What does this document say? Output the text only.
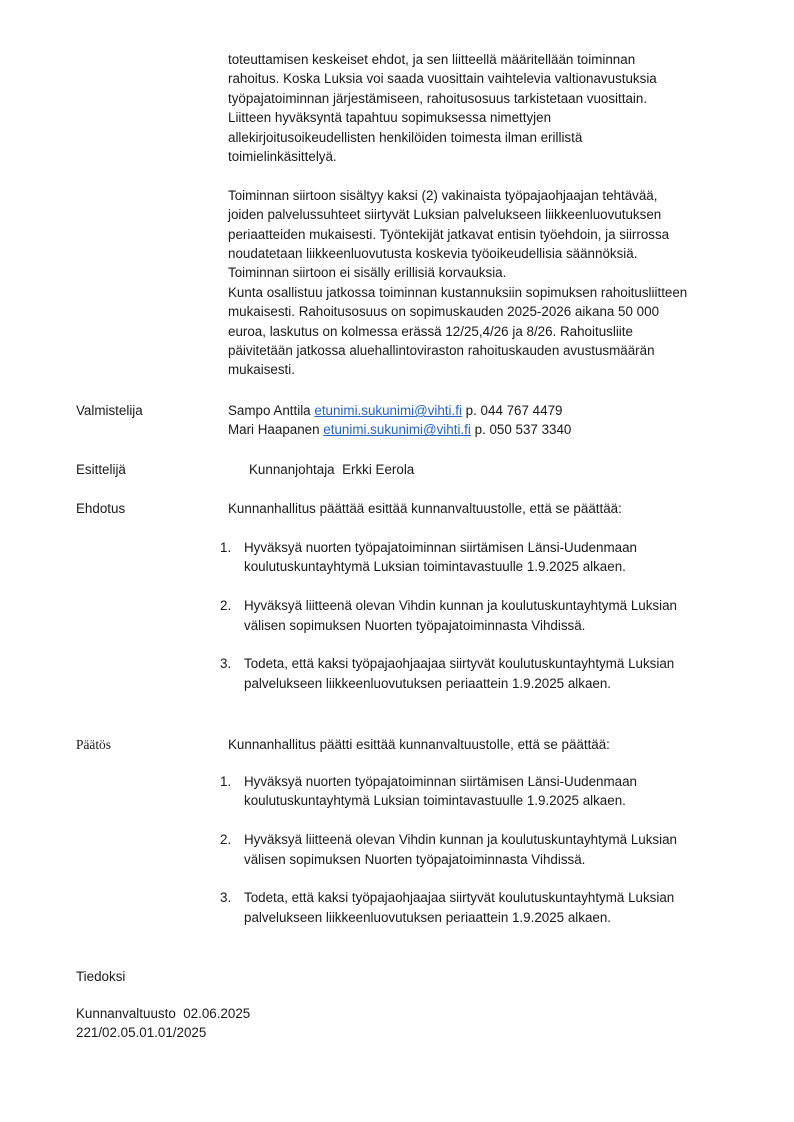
toteuttamisen keskeiset ehdot, ja sen liitteellä määritellään toiminnan
rahoitus. Koska Luksia voi saada vuosittain vaihtelevia valtionavustuksia
työpajatoiminnan järjestämiseen, rahoitusosuus tarkistetaan vuosittain.
Liitteen hyväksyntä tapahtuu sopimuksessa nimettyjen
allekirjoitusoikeudellisten henkilöiden toimesta ilman erillistä
toimielinkäsittelyä.

Toiminnan siirtoon sisältyy kaksi (2) vakinaista työpajaohjaajan tehtävää,
joiden palvelussuhteet siirtyvät Luksian palvelukseen liikkeenluovutuksen
periaatteiden mukaisesti. Työntekijät jatkavat entisin työehdoin, ja siirrossa
noudatetaan liikkeenluovutusta koskevia työoikeudellisia säännöksiä.
Toiminnan siirtoon ei sisälly erillisiä korvauksia.
Kunta osallistuu jatkossa toiminnan kustannuksiin sopimuksen rahoitusliitteen
mukaisesti. Rahoitusosuus on sopimuskauden 2025-2026 aikana 50 000
euroa, laskutus on kolmessa erässä 12/25,4/26 ja 8/26. Rahoitusliite
päivitetään jatkossa aluehallintoviraston rahoituskauden avustusmäärän
mukaisesti.

Valmistelija	Sampo Anttila etunimi.sukunimi@vihti.fi p. 044 767 4479
Mari Haapanen etunimi.sukunimi@vihti.fi p. 050 537 3340
Esittelijä	Kunnanjohtaja  Erkki Eerola
Ehdotus	Kunnanhallitus päättää esittää kunnanvaltuustolle, että se päättää:
1. Hyväksyä nuorten työpajatoiminnan siirtämisen Länsi-Uudenmaan
koulutuskuntayhtymä Luksian toimintavastuulle 1.9.2025 alkaen.
2. Hyväksyä liitteenä olevan Vihdin kunnan ja koulutuskuntayhtymä Luksian
välisen sopimuksen Nuorten työpajatoiminnasta Vihdissä.
3. Todeta, että kaksi työpajaohjaajaa siirtyvät koulutuskuntayhtymä Luksian
palvelukseen liikkeenluovutuksen periaattein 1.9.2025 alkaen.
Päätös	Kunnanhallitus päätti esittää kunnanvaltuustolle, että se päättää:
1. Hyväksyä nuorten työpajatoiminnan siirtämisen Länsi-Uudenmaan
koulutuskuntayhtymä Luksian toimintavastuulle 1.9.2025 alkaen.
2. Hyväksyä liitteenä olevan Vihdin kunnan ja koulutuskuntayhtymä Luksian
välisen sopimuksen Nuorten työpajatoiminnasta Vihdissä.
3. Todeta, että kaksi työpajaohjaajaa siirtyvät koulutuskuntayhtymä Luksian
palvelukseen liikkeenluovutuksen periaattein 1.9.2025 alkaen.
Tiedoksi
Kunnanvaltuusto  02.06.2025
221/02.05.01.01/2025
